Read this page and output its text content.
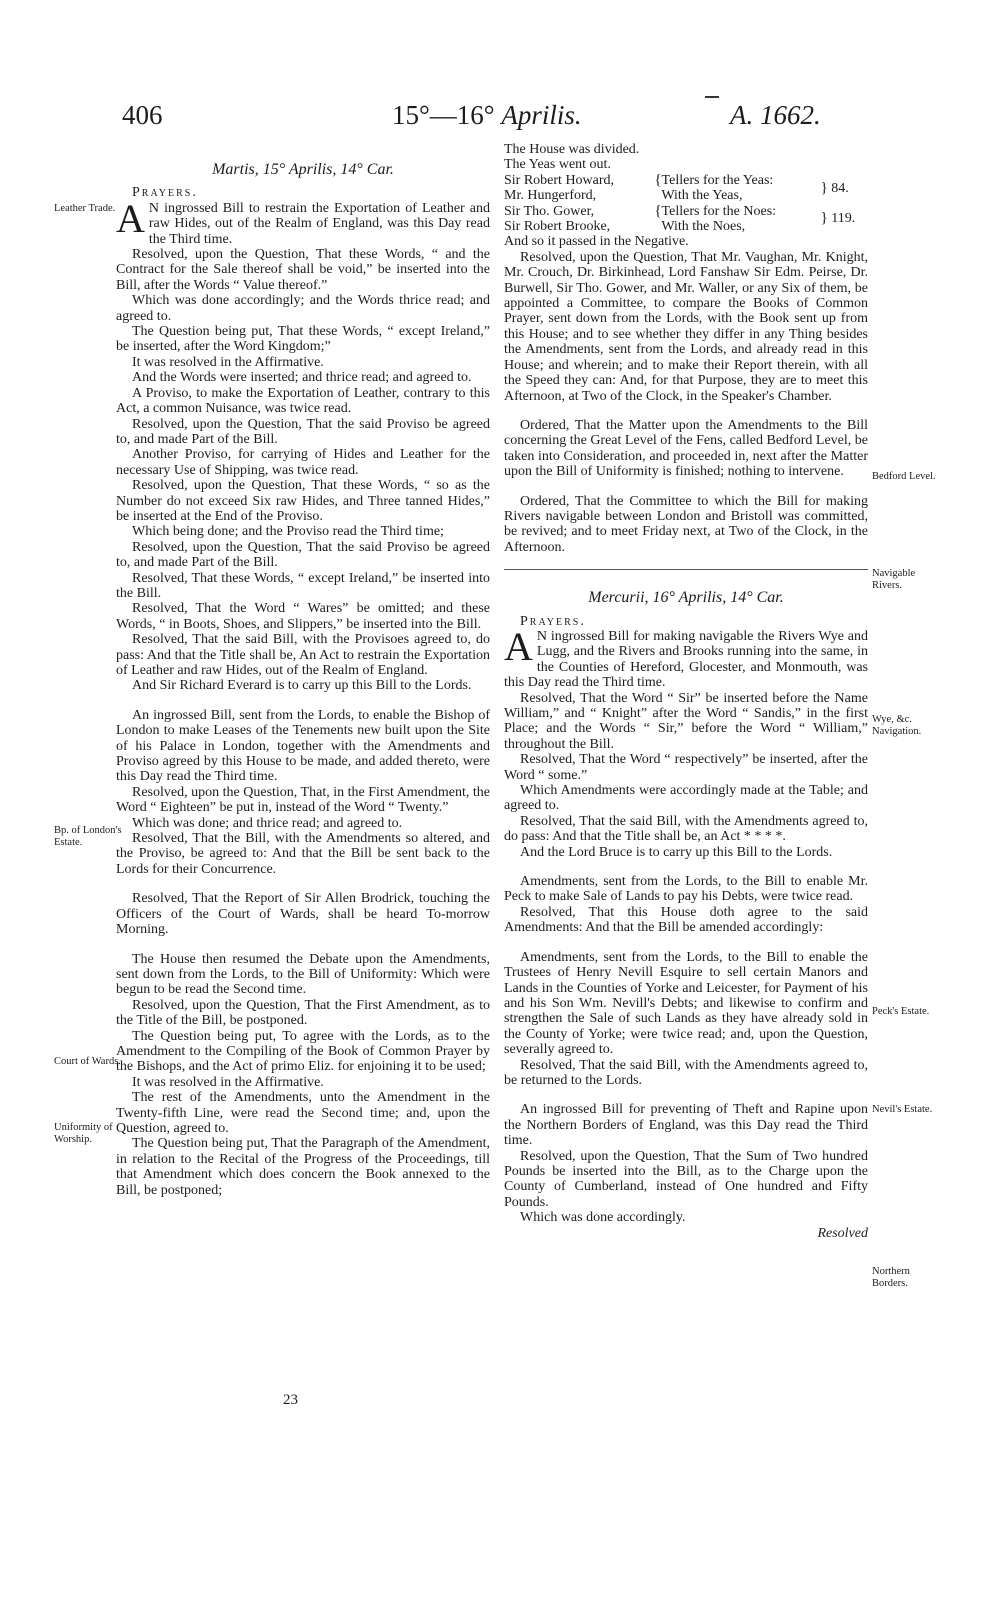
406	15°—16° Aprilis.	A. 1662.
Leather Trade.
Bp. of London's Estate.
Court of Wards.
Uniformity of Worship.
Bedford Level.
Navigable Rivers.
Wye, &c. Navigation.
Peck's Estate.
Nevil's Estate.
Northern Borders.
Martis, 15° Aprilis, 14° Car.

Prayers.

A N ingrossed Bill to restrain the Exportation of Leather and raw Hides, out of the Realm of England, was this Day read the Third time.

Resolved, upon the Question, That these Words, “ and the Contract for the Sale thereof shall be void,” be inserted into the Bill, after the Words “ Value thereof.”

Which was done accordingly; and the Words thrice read; and agreed to.

The Question being put, That these Words, “ except Ireland,” be inserted, after the Word Kingdom;”

It was resolved in the Affirmative.

And the Words were inserted; and thrice read; and agreed to.

A Proviso, to make the Exportation of Leather, contrary to this Act, a common Nuisance, was twice read.

Resolved, upon the Question, That the said Proviso be agreed to, and made Part of the Bill.

Another Proviso, for carrying of Hides and Leather for the necessary Use of Shipping, was twice read.

Resolved, upon the Question, That these Words, “ so as the Number do not exceed Six raw Hides, and Three tanned Hides,” be inserted at the End of the Proviso.

Which being done; and the Proviso read the Third time;

Resolved, upon the Question, That the said Proviso be agreed to, and made Part of the Bill.

Resolved, That these Words, “ except Ireland,” be inserted into the Bill.

Resolved, That the Word “ Wares” be omitted; and these Words, “ in Boots, Shoes, and Slippers,” be inserted into the Bill.

Resolved, That the said Bill, with the Provisoes agreed to, do pass: And that the Title shall be, An Act to restrain the Exportation of Leather and raw Hides, out of the Realm of England.

And Sir Richard Everard is to carry up this Bill to the Lords.

An ingrossed Bill, sent from the Lords, to enable the Bishop of London to make Leases of the Tenements new built upon the Site of his Palace in London, together with the Amendments and Proviso agreed by this House to be made, and added thereto, were this Day read the Third time.

Resolved, upon the Question, That, in the First Amendment, the Word “ Eighteen” be put in, instead of the Word “ Twenty.”

Which was done; and thrice read; and agreed to.

Resolved, That the Bill, with the Amendments so altered, and the Proviso, be agreed to: And that the Bill be sent back to the Lords for their Concurrence.

Resolved, That the Report of Sir Allen Brodrick, touching the Officers of the Court of Wards, shall be heard To-morrow Morning.

The House then resumed the Debate upon the Amendments, sent down from the Lords, to the Bill of Uniformity: Which were begun to be read the Second time.

Resolved, upon the Question, That the First Amendment, as to the Title of the Bill, be postponed.

The Question being put, To agree with the Lords, as to the Amendment to the Compiling of the Book of Common Prayer by the Bishops, and the Act of primo Eliz. for enjoining it to be used;

It was resolved in the Affirmative.

The rest of the Amendments, unto the Amendment in the Twenty-fifth Line, were read the Second time; and, upon the Question, agreed to.

The Question being put, That the Paragraph of the Amendment, in relation to the Recital of the Progress of the Proceedings, till that Amendment which does concern the Book annexed to the Bill, be postponed;

The House was divided.

The Yeas went out.

Sir Robert Howard,	{Tellers for the Yeas:	} 84.
Mr. Hungerford,	With the Yeas,	
Sir Tho. Gower,	{Tellers for the Noes:	} 119.
Sir Robert Brooke,	With the Noes,	

And so it passed in the Negative.

Resolved, upon the Question, That Mr. Vaughan, Mr. Knight, Mr. Crouch, Dr. Birkinhead, Lord Fanshaw Sir Edm. Peirse, Dr. Burwell, Sir Tho. Gower, and Mr. Waller, or any Six of them, be appointed a Committee, to compare the Books of Common Prayer, sent down from the Lords, with the Book sent up from this House; and to see whether they differ in any Thing besides the Amendments, sent from the Lords, and already read in this House; and wherein; and to make their Report therein, with all the Speed they can: And, for that Purpose, they are to meet this Afternoon, at Two of the Clock, in the Speaker's Chamber.

Ordered, That the Matter upon the Amendments to the Bill concerning the Great Level of the Fens, called Bedford Level, be taken into Consideration, and proceeded in, next after the Matter upon the Bill of Uniformity is finished; nothing to intervene.

Ordered, That the Committee to which the Bill for making Rivers navigable between London and Bristoll was committed, be revived; and to meet Friday next, at Two of the Clock, in the Afternoon.

Mercurii, 16° Aprilis, 14° Car.

Prayers.

A N ingrossed Bill for making navigable the Rivers Wye and Lugg, and the Rivers and Brooks running into the same, in the Counties of Hereford, Glocester, and Monmouth, was this Day read the Third time.

Resolved, That the Word “ Sir” be inserted before the Name William,” and “ Knight” after the Word “ Sandis,” in the first Place; and the Words “ Sir,” before the Word “ William,” throughout the Bill.

Resolved, That the Word “ respectively” be inserted, after the Word “ some.”

Which Amendments were accordingly made at the Table; and agreed to.

Resolved, That the said Bill, with the Amendments agreed to, do pass: And that the Title shall be, an Act * * * *.

And the Lord Bruce is to carry up this Bill to the Lords.

Amendments, sent from the Lords, to the Bill to enable Mr. Peck to make Sale of Lands to pay his Debts, were twice read.

Resolved, That this House doth agree to the said Amendments: And that the Bill be amended accordingly:

Amendments, sent from the Lords, to the Bill to enable the Trustees of Henry Nevill Esquire to sell certain Manors and Lands in the Counties of Yorke and Leicester, for Payment of his and his Son Wm. Nevill's Debts; and likewise to confirm and strengthen the Sale of such Lands as they have already sold in the County of Yorke; were twice read; and, upon the Question, severally agreed to.

Resolved, That the said Bill, with the Amendments agreed to, be returned to the Lords.

An ingrossed Bill for preventing of Theft and Rapine upon the Northern Borders of England, was this Day read the Third time.

Resolved, upon the Question, That the Sum of Two hundred Pounds be inserted into the Bill, as to the Charge upon the County of Cumberland, instead of One hundred and Fifty Pounds.

Which was done accordingly.

Resolved

23
